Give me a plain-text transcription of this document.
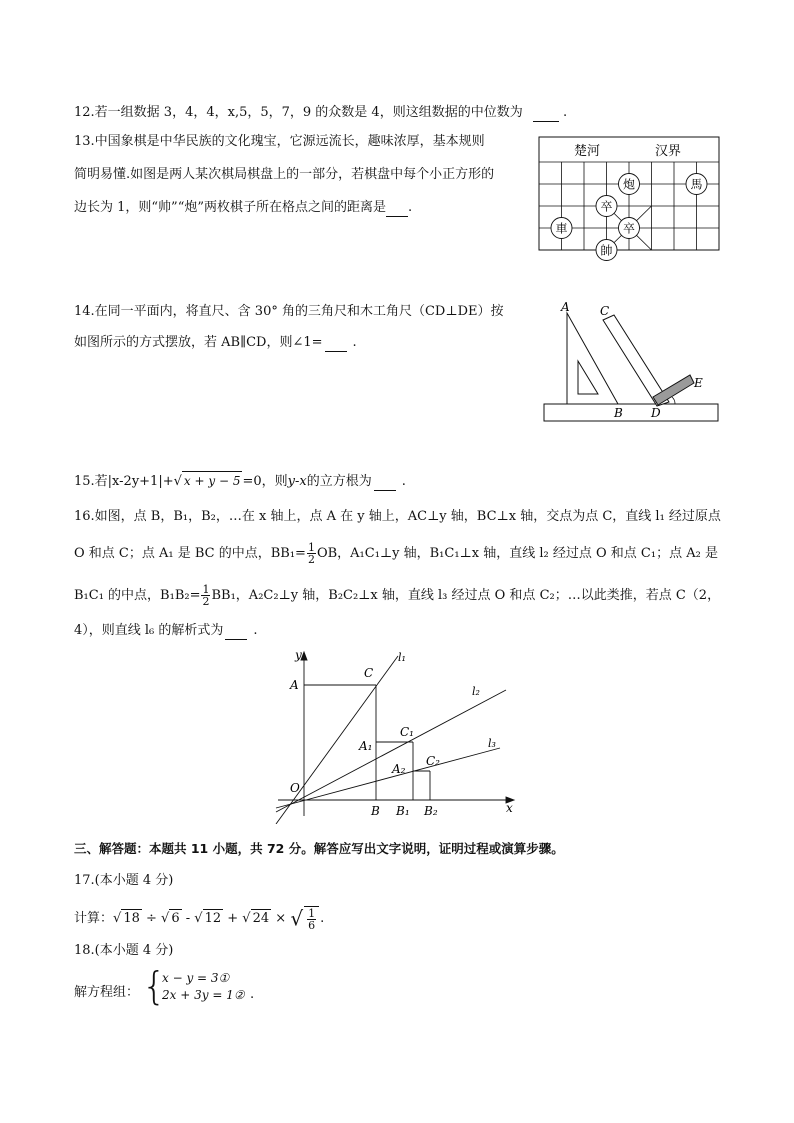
12.若一组数据 3，4，4，x,5，5，7，9 的众数是 4，则这组数据的中位数为	.
13.中国象棋是中华民族的文化瑰宝，它源远流长，趣味浓厚，基本规则
简明易懂.如图是两人某次棋局棋盘上的一部分，若棋盘中每个小正方形的
边长为 1，则“帅”“炮”两枚棋子所在格点之间的距离是 .
楚河	汉界
炮	馬
卒
車	卒
帥
14.在同一平面内，将直尺、含 30° 角的三角尺和木工角尺（CD⊥DE）按
如图所示的方式摆放，若 AB∥CD，则∠1= .
A	C
E
B D
15.若|x-2y+1|+√ x + y − 5 =0，则y-x的立方根为 .
16.如图，点 B，B₁，B₂，…在 x 轴上，点 A 在 y 轴上，AC⊥y 轴，BC⊥x 轴，交点为点 C，直线 l₁ 经过原点
O 和点 C；点 A₁ 是 BC 的中点，$BB_1= \frac{1}{2}$ OB，A₁C₁⊥y 轴，B₁C₁⊥x 轴，直线 l₂ 经过点 O 和点 C₁；点 A₂ 是
B₁C₁ 的中点，$B_1B_2= \frac{1}{2} BB_1$，A₂C₂⊥y 轴，B₂C₂⊥x 轴，直线 l₃ 经过点 O 和点 C₂；…以此类推，若点 C（2，
4），则直线 l₆ 的解析式为 .
y
x
O
A
C
l₁
l₂
l₃
A₁
C₁
A₂
C₂
B B₁ B₂
三、解答题：本题共 11 小题，共 72 分。解答应写出文字说明，证明过程或演算步骤。
17.(本小题 4 分)
计算：√ 18 ÷ √ 6 - √ 12 + √ 24 × √ $\frac{1}{6}$ .
18.(本小题 4 分)
解方程组： {
x − y = 3①
2x + 3y = 1② .
